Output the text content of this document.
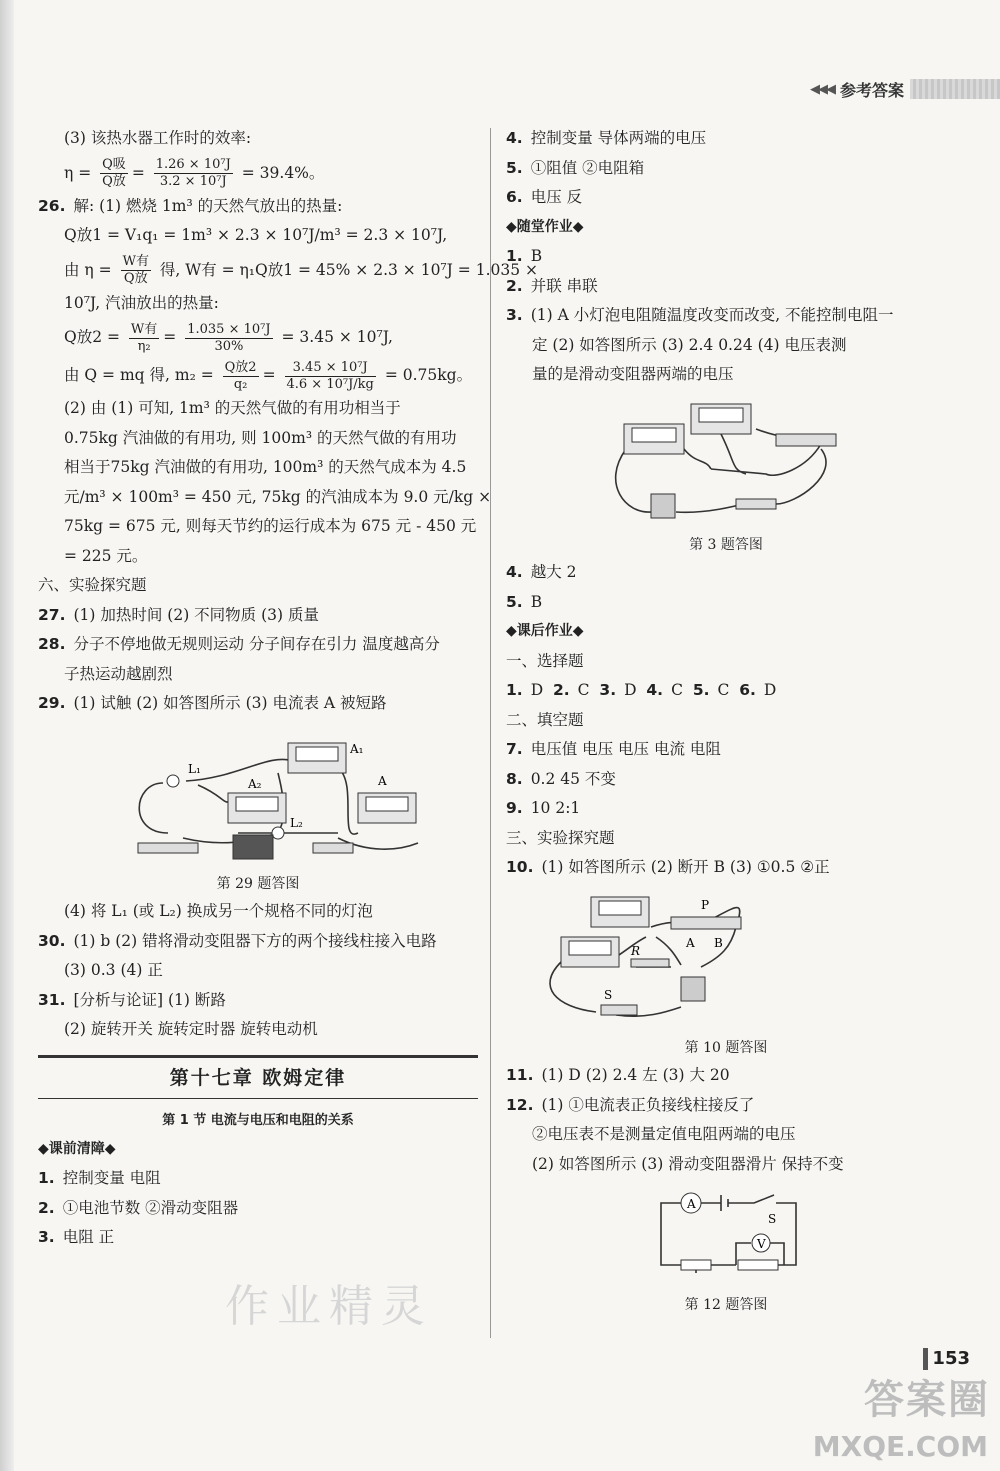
◀◀◀ 参考答案
(3) 该热水器工作时的效率:
$\eta = \frac{\text{Q吸}}{\text{Q放}} = \frac{\text{1.26 × 10⁷J}}{\text{3.2 × 10⁷J}} = 39.4\%$。
26. 解: (1) 燃烧 1m³ 的天然气放出的热量:
Q放1 = V₁q₁ = 1m³ × 2.3 × 10⁷J/m³ = 2.3 × 10⁷J,
由 $\eta = \frac{\text{W有}}{\text{Q放}}$ 得, W有 = η₁Q放1 = 45% × 2.3 × 10⁷J = 1.035 ×
10⁷J, 汽油放出的热量:
Q放$2 = \frac{\text{W有}}{\text{η₂}} = \frac{\text{1.035 × 10⁷J}}{30\%} = 3.45 \times 10^7J$,
由 Q = mq 得, $m_2 = \frac{\text{Q放2}}{\text{q₂}} = \frac{\text{3.45 × 10⁷J}}{\text{4.6 × 10⁷J/kg}} = 0.75kg$。
(2) 由 (1) 可知, 1m³ 的天然气做的有用功相当于
0.75kg 汽油做的有用功, 则 100m³ 的天然气做的有用功
相当于75kg 汽油做的有用功, 100m³ 的天然气成本为 4.5
元/m³ × 100m³ = 450 元, 75kg 的汽油成本为 9.0 元/kg ×
75kg = 675 元, 则每天节约的运行成本为 675 元 - 450 元
= 225 元。
六、实验探究题
27. (1) 加热时间 (2) 不同物质 (3) 质量
28. 分子不停地做无规则运动 分子间存在引力 温度越高分
子热运动越剧烈
29. (1) 试触 (2) 如答图所示 (3) 电流表 A 被短路
L₁
L₂
A₁
A₂	A
第 29 题答图
(4) 将 L₁ (或 L₂) 换成另一个规格不同的灯泡
30. (1) b (2) 错将滑动变阻器下方的两个接线柱接入电路
(3) 0.3 (4) 正
31. [分析与论证] (1) 断路
(2) 旋转开关 旋转定时器 旋转电动机
第十七章 欧姆定律
第 1 节 电流与电压和电阻的关系
◆课前清障◆
1. 控制变量 电阻
2. ①电池节数 ②滑动变阻器
3. 电阻 正
4. 控制变量 导体两端的电压
5. ①阻值 ②电阻箱
6. 电压 反
◆随堂作业◆
1. B
2. 并联 串联
3. (1) A 小灯泡电阻随温度改变而改变, 不能控制电阻一
定 (2) 如答图所示 (3) 2.4 0.24 (4) 电压表测
量的是滑动变阻器两端的电压
第 3 题答图
4. 越大 2
5. B
◆课后作业◆
一、选择题
1. D 2. C 3. D 4. C 5. C 6. D
二、填空题
7. 电压值 电压 电压 电流 电阻
8. 0.2 45 不变
9. 10 2:1
三、实验探究题
10. (1) 如答图所示 (2) 断开 B (3) ①0.5 ②正
P
R
A B
S
第 10 题答图
11. (1) D (2) 2.4 左 (3) 大 20
12. (1) ①电流表正负接线柱接反了
②电压表不是测量定值电阻两端的电压
(2) 如答图所示 (3) 滑动变阻器滑片 保持不变
A
V
S
第 12 题答图
作业精灵
153
答案圈
MXQE.COM
